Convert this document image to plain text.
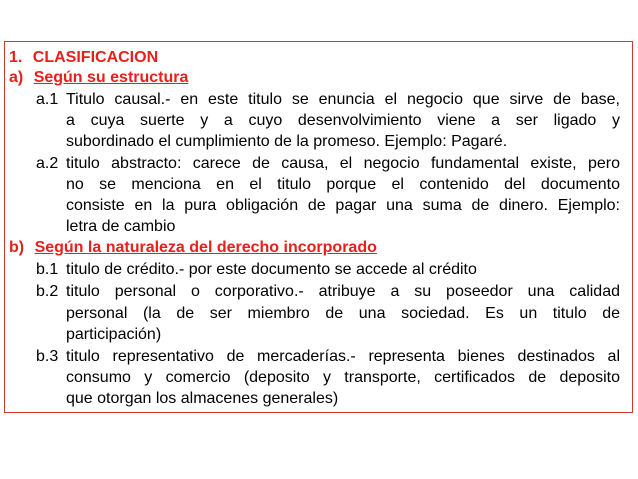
1. CLASIFICACION
a) Según su estructura
a.1 Titulo causal.- en este titulo se enuncia el negocio que sirve de base,
a cuya suerte y a cuyo desenvolvimiento viene a ser ligado y
subordinado el cumplimiento de la promeso. Ejemplo: Pagaré.
a.2 titulo abstracto: carece de causa, el negocio fundamental existe, pero
no se menciona en el titulo porque el contenido del documento
consiste en la pura obligación de pagar una suma de dinero. Ejemplo:
letra de cambio
b) Según la naturaleza del derecho incorporado
b.1 titulo de crédito.- por este documento se accede al crédito
b.2 titulo personal o corporativo.- atribuye a su poseedor una calidad
personal (la de ser miembro de una sociedad. Es un titulo de
participación)
b.3 titulo representativo de mercaderías.- representa bienes destinados al
consumo y comercio (deposito y transporte, certificados de deposito
que otorgan los almacenes generales)
